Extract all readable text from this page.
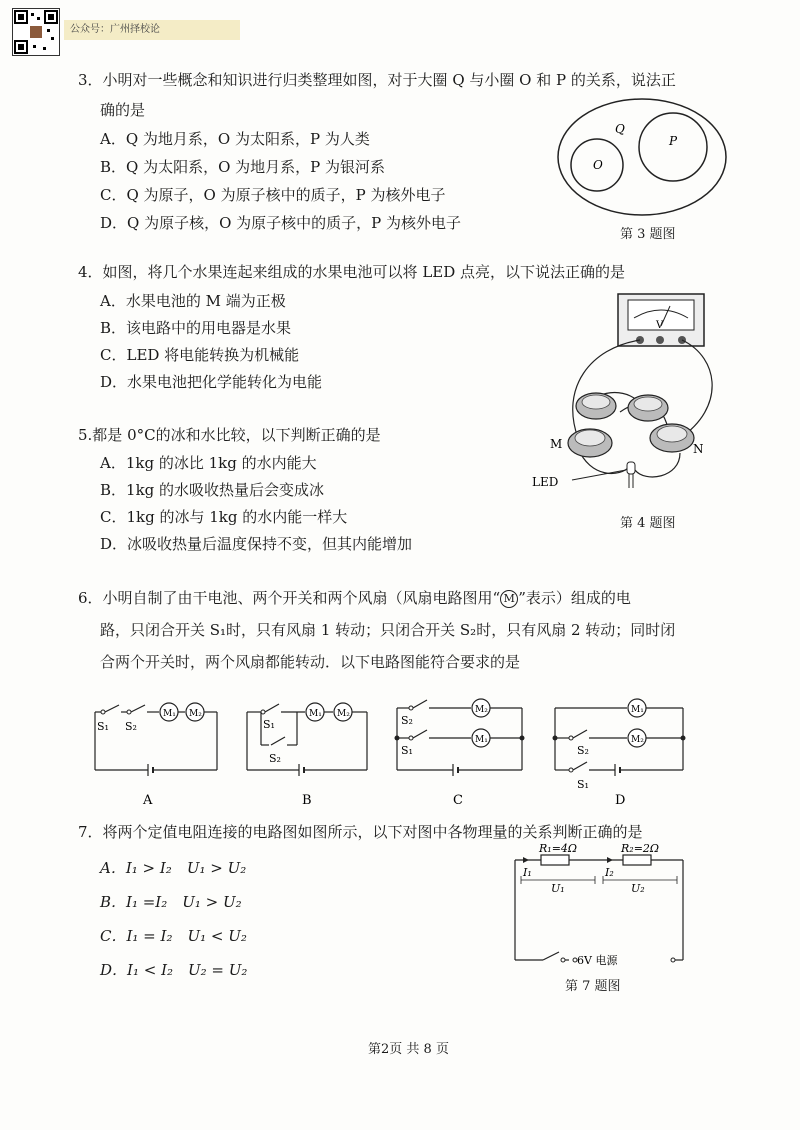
公众号：广州择校论
3．小明对一些概念和知识进行归类整理如图，对于大圈 Q 与小圈 O 和 P 的关系，说法正
确的是
A．Q 为地月系，O 为太阳系，P 为人类
B．Q 为太阳系，O 为地月系，P 为银河系
C．Q 为原子，O 为原子核中的质子，P 为核外电子
D．Q 为原子核，O 为原子核中的质子，P 为核外电子
Q
O
P
第 3 题图
4．如图，将几个水果连起来组成的水果电池可以将 LED 点亮，以下说法正确的是
A．水果电池的 M 端为正极
B．该电路中的用电器是水果
C．LED 将电能转换为机械能
D．水果电池把化学能转化为电能
V
M	N
LED
第 4 题图
5.都是 0°C的冰和水比较，以下判断正确的是
A．1kg 的冰比 1kg 的水内能大
B．1kg 的水吸收热量后会变成冰
C．1kg 的冰与 1kg 的水内能一样大
D．冰吸收热量后温度保持不变，但其内能增加
6．小明自制了由干电池、两个开关和两个风扇（风扇电路图用“ M ”表示）组成的电
路，只闭合开关 S₁时，只有风扇 1 转动；只闭合开关 S₂时，只有风扇 2 转动；同时闭
合两个开关时，两个风扇都能转动．以下电路图能符合要求的是
M₁ M₂
S₁ S₂
A
M₁ M₂
S₁
S₂
B
M₂
M₁
S₂
S₁
C
M₁
M₂
S₂
S₁
D
7．将两个定值电阻连接的电路图如图所示，以下对图中各物理量的关系判断正确的是
A．I₁ > I₂　U₁ > U₂
B．I₁ =I₂　U₁ > U₂
C．I₁ = I₂　U₁ < U₂
D．I₁ < I₂　U₂ = U₂
R₁=4Ω	R₂=2Ω
I₁	I₂
U₁	U₂
6V 电源
第 7 题图
第2页 共 8 页
